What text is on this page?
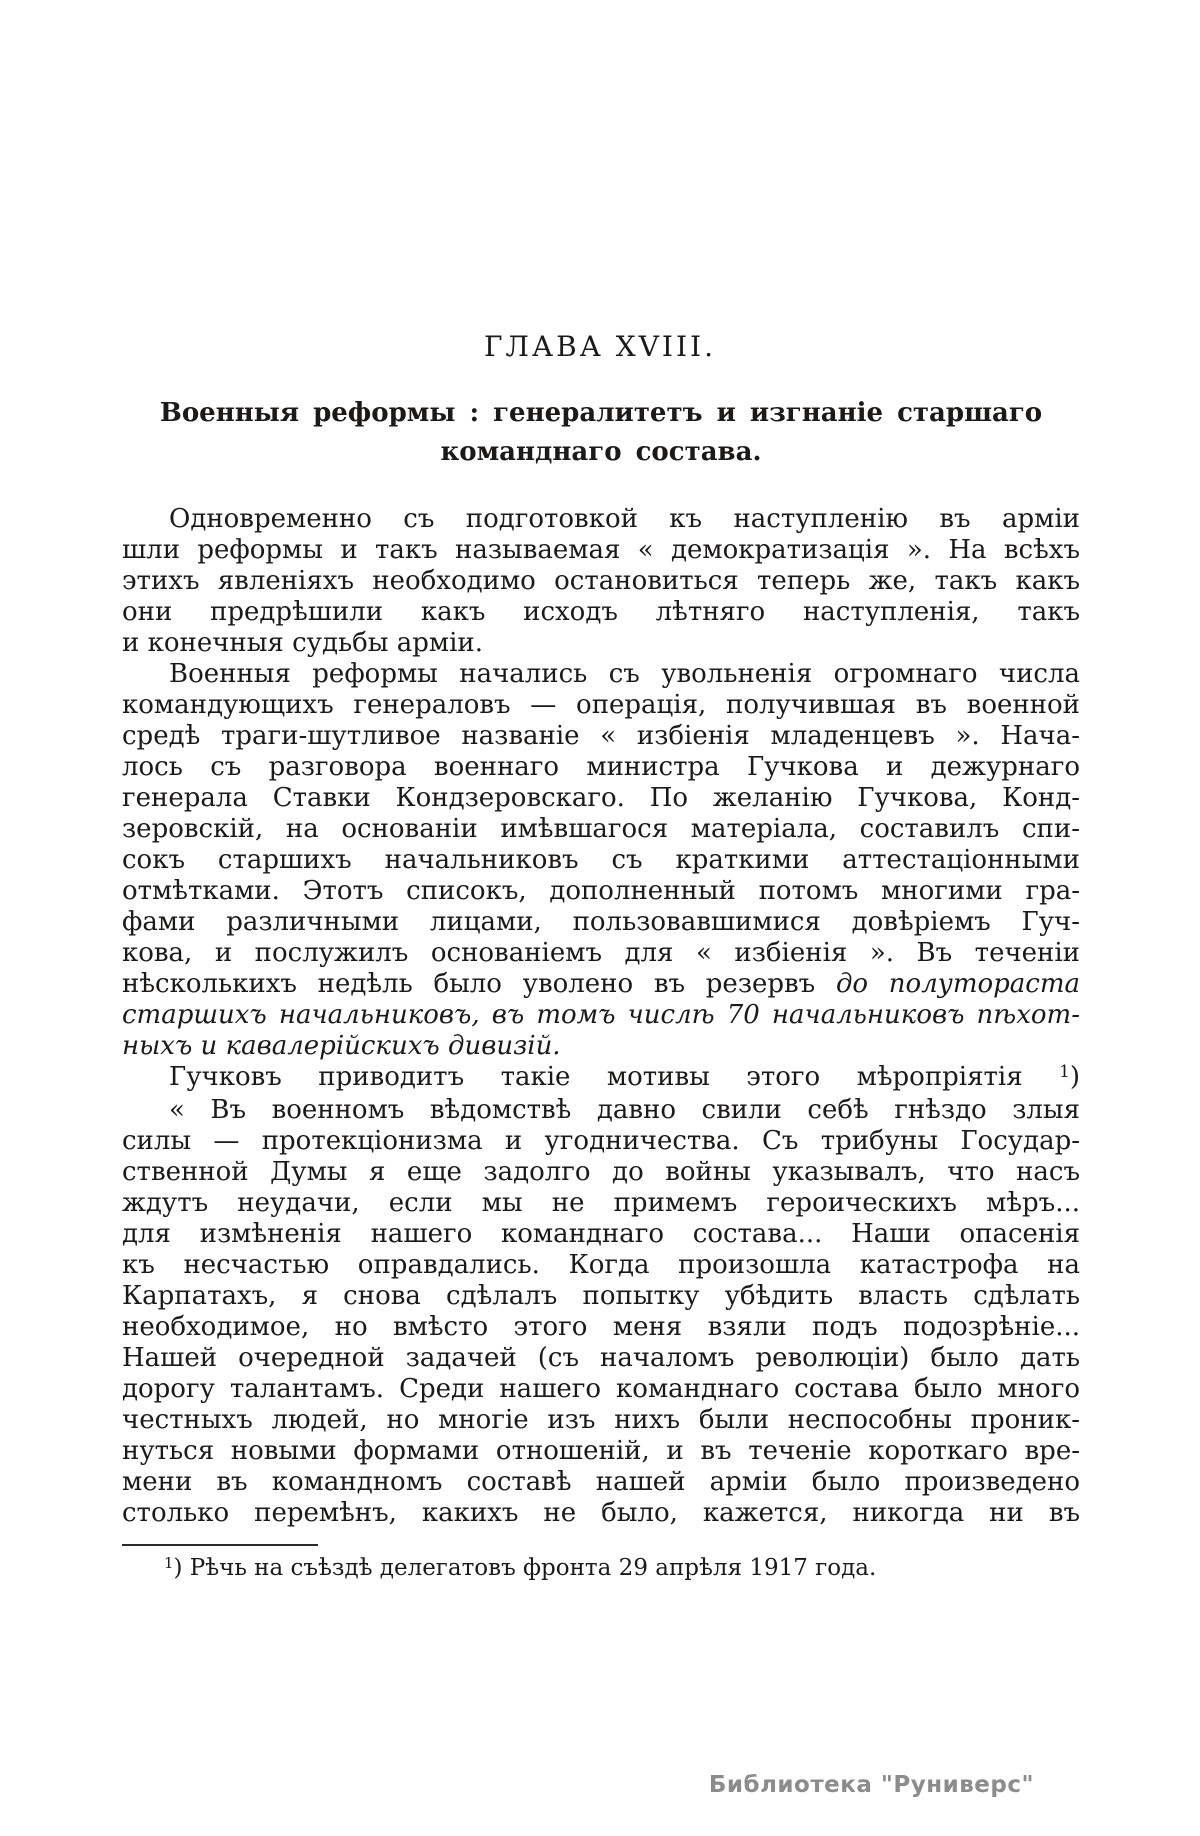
ГЛАВА XVIII.
Военныя реформы : генералитетъ и изгнаніе старшаго
команднаго состава.
Одновременно съ подготовкой къ наступленію въ арміи
шли реформы и такъ называемая « демократизація ». На всѣхъ
этихъ явленіяхъ необходимо остановиться теперь же, такъ какъ
они предрѣшили какъ исходъ лѣтняго наступленія, такъ
и конечныя судьбы арміи.
Военныя реформы начались съ увольненія огромнаго числа
командующихъ генераловъ — операція, получившая въ военной
средѣ траги-шутливое названіе « избіенія младенцевъ ». Нача-
лось съ разговора военнаго министра Гучкова и дежурнаго
генерала Ставки Кондзеровскаго. По желанію Гучкова, Конд-
зеровскій, на основаніи имѣвшагося матеріала, составилъ спи-
сокъ старшихъ начальниковъ съ краткими аттестаціонными
отмѣтками. Этотъ списокъ, дополненный потомъ многими гра-
фами различными лицами, пользовавшимися довѣріемъ Гуч-
кова, и послужилъ основаніемъ для « избіенія ». Въ теченіи
нѣсколькихъ недѣль было уволено въ резервъ до полутораста
старшихъ начальниковъ, въ томъ числѣ 70 начальниковъ пѣхот-
ныхъ и кавалерійскихъ дивизій.
Гучковъ приводитъ такіе мотивы этого мѣропріятія $^1$)
« Въ военномъ вѣдомствѣ давно свили себѣ гнѣздо злыя
силы — протекціонизма и угодничества. Съ трибуны Государ-
ственной Думы я еще задолго до войны указывалъ, что насъ
ждутъ неудачи, если мы не примемъ героическихъ мѣръ...
для измѣненія нашего команднаго состава... Наши опасенія
къ несчастью оправдались. Когда произошла катастрофа на
Карпатахъ, я снова сдѣлалъ попытку убѣдить власть сдѣлать
необходимое, но вмѣсто этого меня взяли подъ подозрѣніе...
Нашей очередной задачей (съ началомъ революціи) было дать
дорогу талантамъ. Среди нашего команднаго состава было много
честныхъ людей, но многіе изъ нихъ были неспособны проник-
нуться новыми формами отношеній, и въ теченіе короткаго вре-
мени въ командномъ составѣ нашей арміи было произведено
столько перемѣнъ, какихъ не было, кажется, никогда ни въ
$^1$) Рѣчь на съѣздѣ делегатовъ фронта 29 апрѣля 1917 года.
Библиотека "Руниверс"
